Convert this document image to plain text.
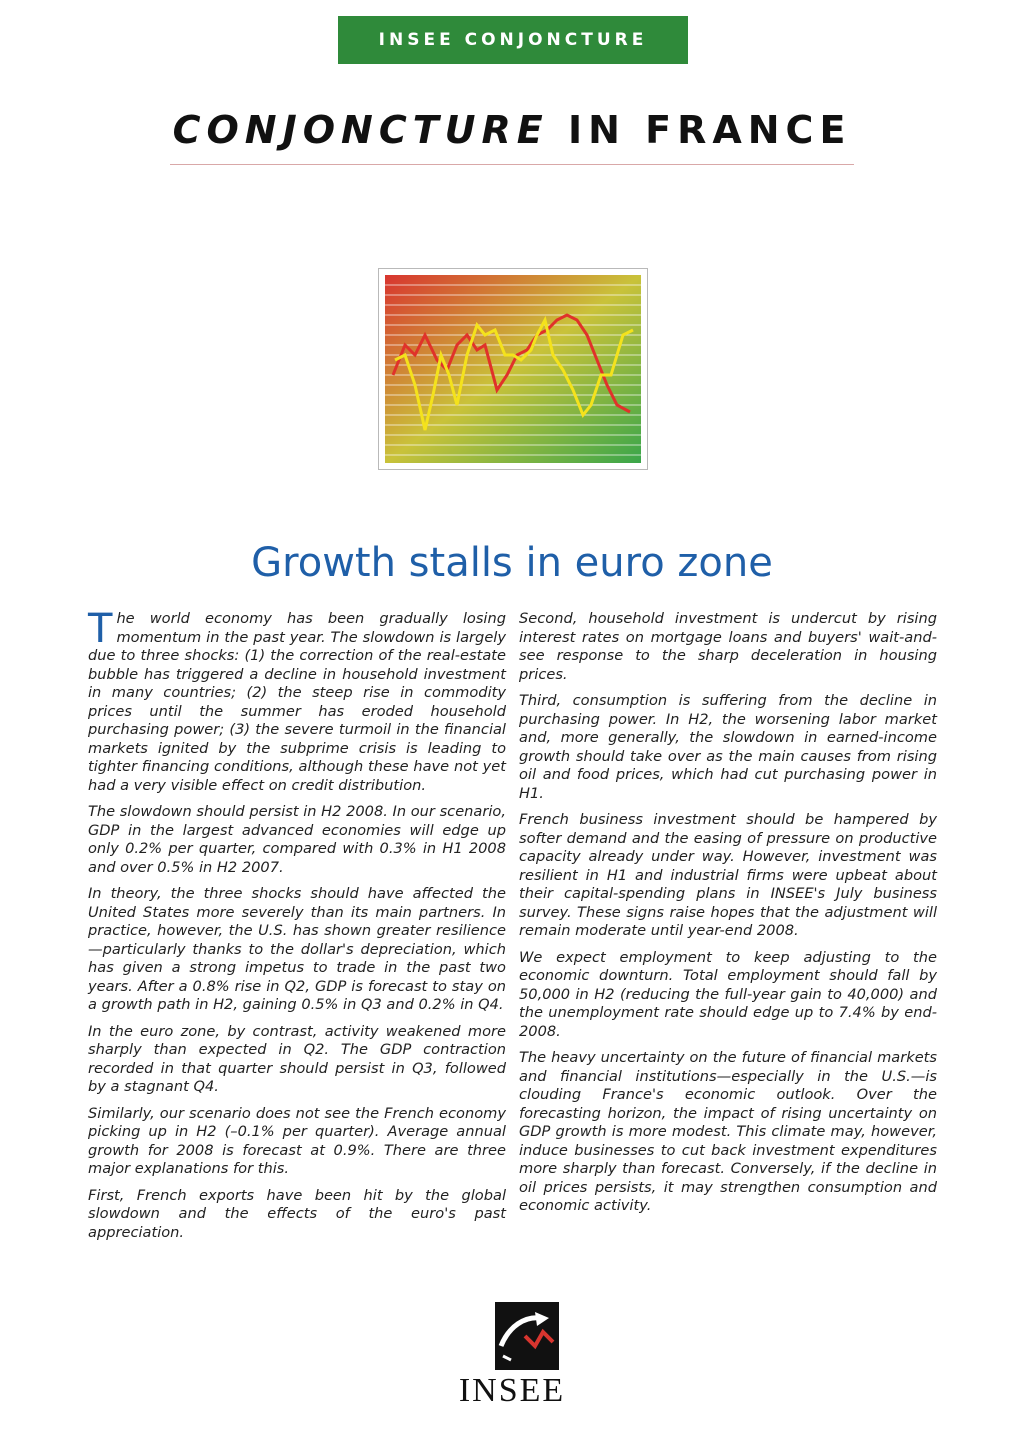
INSEE CONJONCTURE
CONJONCTURE IN FRANCE
Growth stalls in euro zone

The world economy has been gradually losing momentum in the past year. The slowdown is largely due to three shocks: (1) the correction of the real-estate bubble has triggered a decline in household investment in many countries; (2) the steep rise in commodity prices until the summer has eroded household purchasing power; (3) the severe turmoil in the financial markets ignited by the subprime crisis is leading to tighter financing conditions, although these have not yet had a very visible effect on credit distribution.

The slowdown should persist in H2 2008. In our scenario, GDP in the largest advanced economies will edge up only 0.2% per quarter, compared with 0.3% in H1 2008 and over 0.5% in H2 2007.

In theory, the three shocks should have affected the United States more severely than its main partners. In practice, however, the U.S. has shown greater resilience—particularly thanks to the dollar's depreciation, which has given a strong impetus to trade in the past two years. After a 0.8% rise in Q2, GDP is forecast to stay on a growth path in H2, gaining 0.5% in Q3 and 0.2% in Q4.

In the euro zone, by contrast, activity weakened more sharply than expected in Q2. The GDP contraction recorded in that quarter should persist in Q3, followed by a stagnant Q4.

Similarly, our scenario does not see the French economy picking up in H2 (–0.1% per quarter). Average annual growth for 2008 is forecast at 0.9%. There are three major explanations for this.

First, French exports have been hit by the global slowdown and the effects of the euro's past appreciation.

Second, household investment is undercut by rising interest rates on mortgage loans and buyers' wait-and-see response to the sharp deceleration in housing prices.

Third, consumption is suffering from the decline in purchasing power. In H2, the worsening labor market and, more generally, the slowdown in earned-income growth should take over as the main causes from rising oil and food prices, which had cut purchasing power in H1.

French business investment should be hampered by softer demand and the easing of pressure on productive capacity already under way. However, investment was resilient in H1 and industrial firms were upbeat about their capital-spending plans in INSEE's July business survey. These signs raise hopes that the adjustment will remain moderate until year-end 2008.

We expect employment to keep adjusting to the economic downturn. Total employment should fall by 50,000 in H2 (reducing the full-year gain to 40,000) and the unemployment rate should edge up to 7.4% by end-2008.

The heavy uncertainty on the future of financial markets and financial institutions—especially in the U.S.—is clouding France's economic outlook. Over the forecasting horizon, the impact of rising uncertainty on GDP growth is more modest. This climate may, however, induce businesses to cut back investment expenditures more sharply than forecast. Conversely, if the decline in oil prices persists, it may strengthen consumption and economic activity.

INSEE
